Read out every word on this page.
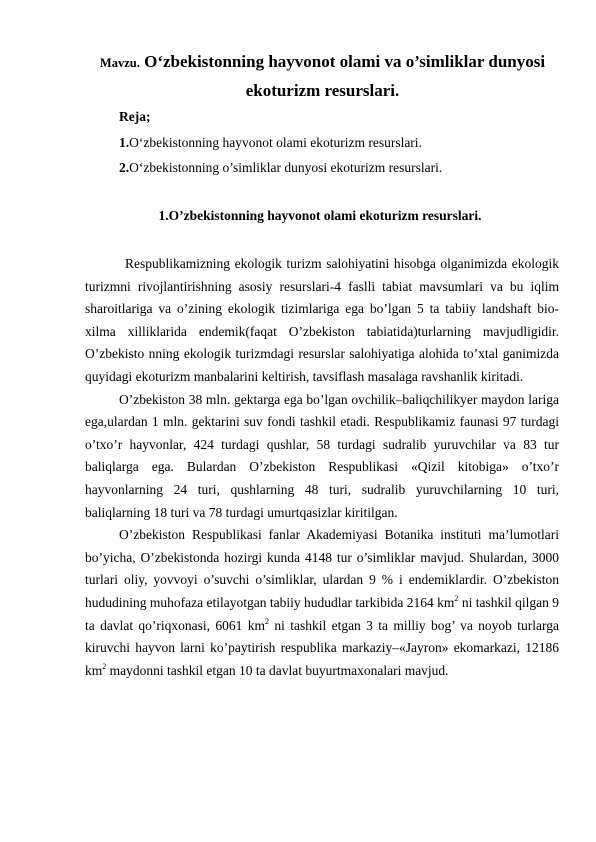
Mavzu. O‘zbekistonning hayvonot olami va o’simliklar dunyosi
ekoturizm resurslari.
Reja;
1.O‘zbekistonning hayvonot olami ekoturizm resurslari.
2.O‘zbekistonning o’simliklar dunyosi ekoturizm resurslari.
1.O’zbekistonning hayvonot olami ekoturizm resurslari.

Respublikamizning ekologik turizm salohiyatini hisobga olganimizda ekologik turizmni rivojlantirishning asosiy resurslari-4 faslli tabiat mavsumlari va bu iqlim sharoitlariga va o’zining ekologik tizimlariga ega bo’lgan 5 ta tabiiy landshaft bio-xilma xilliklarida endemik(faqat O’zbekiston tabiatida)turlarning mavjudligidir. O’zbekisto nning ekologik turizmdagi resurslar salohiyatiga alohida to’xtal ganimizda quyidagi ekoturizm manbalarini keltirish, tavsiflash masalaga ravshanlik kiritadi.

O’zbekiston 38 mln. gektarga ega bo’lgan ovchilik–baliqchilikyer maydon lariga ega,ulardan 1 mln. gektarini suv fondi tashkil etadi. Respublikamiz faunasi 97 turdagi o’txo’r hayvonlar, 424 turdagi qushlar, 58 turdagi sudralib yuruvchilar va 83 tur baliqlarga ega. Bulardan O’zbekiston Respublikasi «Qizil kitobiga» o’txo’r hayvonlarning 24 turi, qushlarning 48 turi, sudralib yuruvchilarning 10 turi, baliqlarning 18 turi va 78 turdagi umurtqasizlar kiritilgan.

O’zbekiston Respublikasi fanlar Akademiyasi Botanika instituti ma’lumotlari bo’yicha, O’zbekistonda hozirgi kunda 4148 tur o’simliklar mavjud. Shulardan, 3000 turlari oliy, yovvoyi o’suvchi o’simliklar, ulardan 9 % i endemiklardir. O’zbekiston hududining muhofaza etilayotgan tabiiy hududlar tarkibida 2164 $km^2$ ni tashkil qilgan 9 ta davlat qo’riqxonasi, 6061 $km^2$ ni tashkil etgan 3 ta milliy bog’ va noyob turlarga kiruvchi hayvon larni ko’paytirish respublika markaziy–«Jayron» ekomarkazi, 12186 $km^2$ maydonni tashkil etgan 10 ta davlat buyurtmaxonalari mavjud.
